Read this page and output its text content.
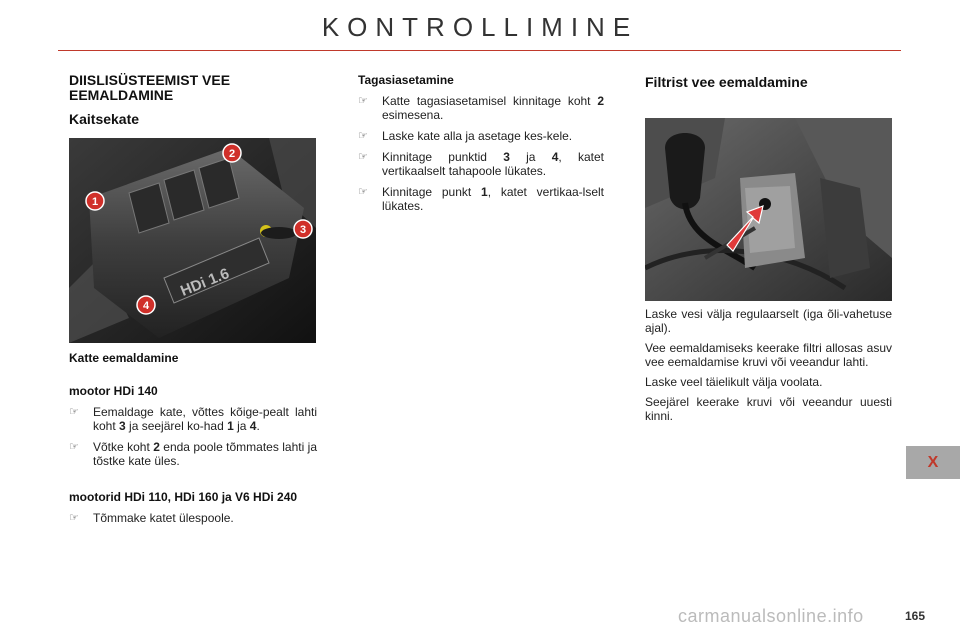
KONTROLLIMINE
DIISLISÜSTEEMIST VEE
EEMALDAMINE
Kaitsekate
HDi 1.6
1
2
3
4
Katte eemaldamine
mootor HDi 140
☞	Eemaldage kate, võttes kõige-pealt lahti koht 3 ja seejärel ko-had 1 ja 4.
☞	Võtke koht 2 enda poole tõmmates lahti ja tõstke kate üles.
mootorid HDi 110, HDi 160 ja V6 HDi 240
☞	Tõmmake katet ülespoole.
Tagasiasetamine
☞	Katte tagasiasetamisel kinnitage koht 2 esimesena.
☞	Laske kate alla ja asetage kes-kele.
☞	Kinnitage punktid 3 ja 4, katet vertikaalselt tahapoole lükates.
☞	Kinnitage punkt 1, katet vertikaa-lselt lükates.
Filtrist vee eemaldamine

Laske vesi välja regulaarselt (iga õli-vahetuse ajal).

Vee eemaldamiseks keerake filtri allosas asuv vee eemaldamise kruvi või veeandur lahti.

Laske veel täielikult välja voolata.

Seejärel keerake kruvi või veeandur uuesti kinni.

X
carmanualsonline.info	165
